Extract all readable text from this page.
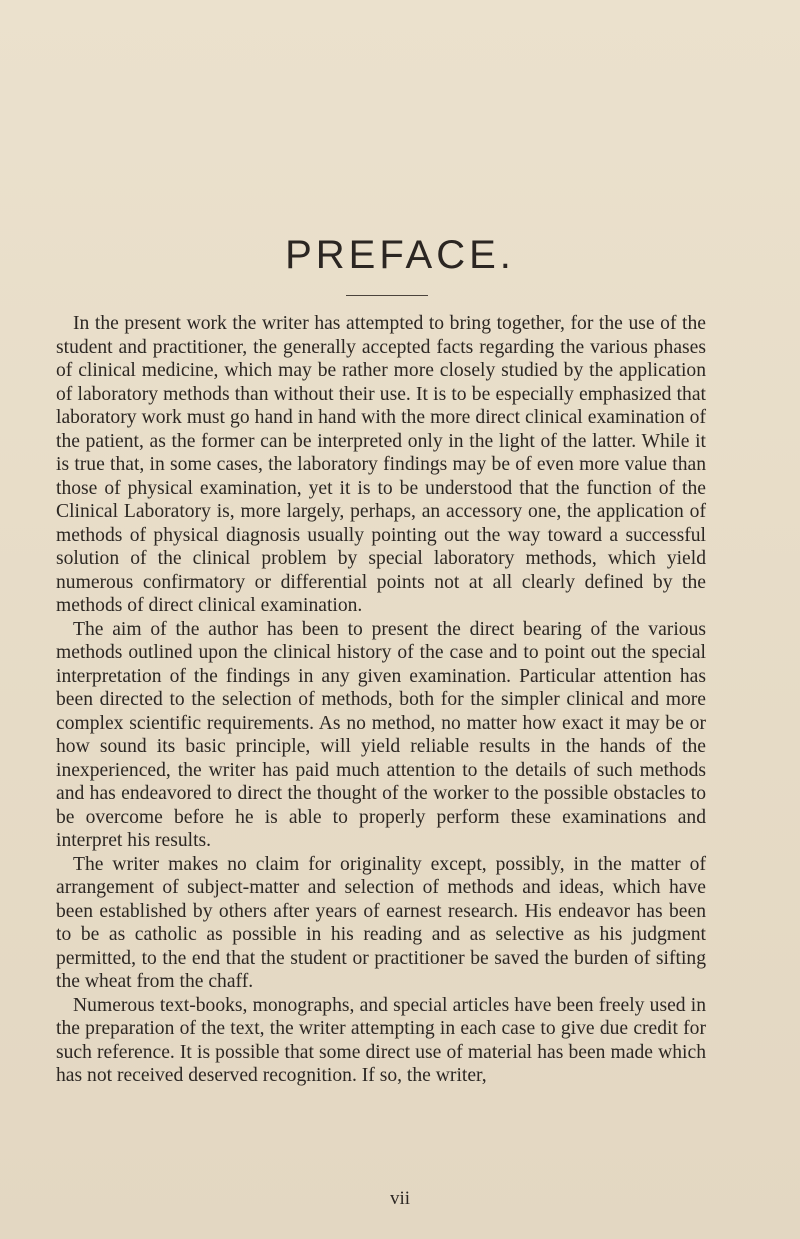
PREFACE.

In the present work the writer has attempted to bring together, for the use of the student and practitioner, the generally accepted facts regarding the various phases of clinical medicine, which may be rather more closely studied by the application of laboratory methods than without their use. It is to be especially emphasized that laboratory work must go hand in hand with the more direct clinical examination of the patient, as the former can be interpreted only in the light of the latter. While it is true that, in some cases, the laboratory findings may be of even more value than those of physical examination, yet it is to be understood that the function of the Clinical Laboratory is, more largely, perhaps, an accessory one, the application of methods of physical diagnosis usually pointing out the way toward a successful solution of the clinical problem by special laboratory methods, which yield numerous confirmatory or differential points not at all clearly defined by the methods of direct clinical examination.

The aim of the author has been to present the direct bearing of the various methods outlined upon the clinical history of the case and to point out the special interpretation of the findings in any given examination. Particular attention has been directed to the selection of methods, both for the simpler clinical and more complex scientific requirements. As no method, no matter how exact it may be or how sound its basic principle, will yield reliable results in the hands of the inexperienced, the writer has paid much attention to the details of such methods and has endeavored to direct the thought of the worker to the possible obstacles to be overcome before he is able to properly perform these examinations and interpret his results.

The writer makes no claim for originality except, possibly, in the matter of arrangement of subject-matter and selection of methods and ideas, which have been established by others after years of earnest research. His endeavor has been to be as catholic as possible in his reading and as selective as his judgment permitted, to the end that the student or practitioner be saved the burden of sifting the wheat from the chaff.

Numerous text-books, monographs, and special articles have been freely used in the preparation of the text, the writer attempting in each case to give due credit for such reference. It is possible that some direct use of material has been made which has not received deserved recognition. If so, the writer,

vii
